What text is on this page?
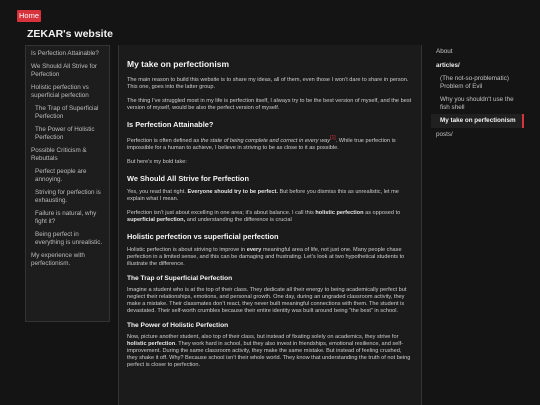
Home
ZEKAR's website
Is Perfection Attainable?
We Should All Strive for Perfection
Holistic perfection vs superficial perfection
The Trap of Superficial Perfection
The Power of Holistic Perfection
Possible Criticism & Rebuttals
Perfect people are annoying.
Striving for perfection is exhausting.
Failure is natural, why fight it?
Being perfect in everything is unrealistic.
My experience with perfectionism.
My take on perfectionism

The main reason to build this website is to share my ideas, all of them, even those I won’t dare to share in person. This one, goes into the latter group.

The thing I’ve struggled most in my life is perfection itself, I always try to be the best version of myself, and the best version of myself, would be also the perfect version of myself.

Is Perfection Attainable?

Perfection is often defined as the state of being complete and correct in every way[1]. While true perfection is impossible for a human to achieve, I believe in striving to be as close to it as possible.

But here’s my bold take:

We Should All Strive for Perfection

Yes, you read that right. Everyone should try to be perfect. But before you dismiss this as unrealistic, let me explain what I mean.

Perfection isn’t just about excelling in one area; it’s about balance. I call this holistic perfection as opposed to superficial perfection, and understanding the difference is crucial

Holistic perfection vs superficial perfection

Holistic perfection is about striving to improve in every meaningful area of life, not just one. Many people chase perfection in a limited sense, and this can be damaging and frustrating. Let’s look at two hypothetical students to illustrate the difference.

The Trap of Superficial Perfection

Imagine a student who is at the top of their class. They dedicate all their energy to being academically perfect but neglect their relationships, emotions, and personal growth. One day, during an ungraded classroom activity, they make a mistake. Their classmates don’t react, they never built meaningful connections with them. The student is devastated. Their self-worth crumbles because their entire identity was built around being “the best” in school.

The Power of Holistic Perfection

Now, picture another student, also top of their class, but instead of fixating solely on academics, they strive for holistic perfection. They work hard in school, but they also invest in friendships, emotional resilience, and self-improvement. During the same classroom activity, they make the same mistake. But instead of feeling crushed, they shake it off. Why? Because school isn’t their whole world. They know that understanding the truth of not being perfect is closer to perfection.

About
articles/
(The not-so-problematic) Problem of Evil
Why you shouldn't use the fish shell
My take on perfectionism
posts/
